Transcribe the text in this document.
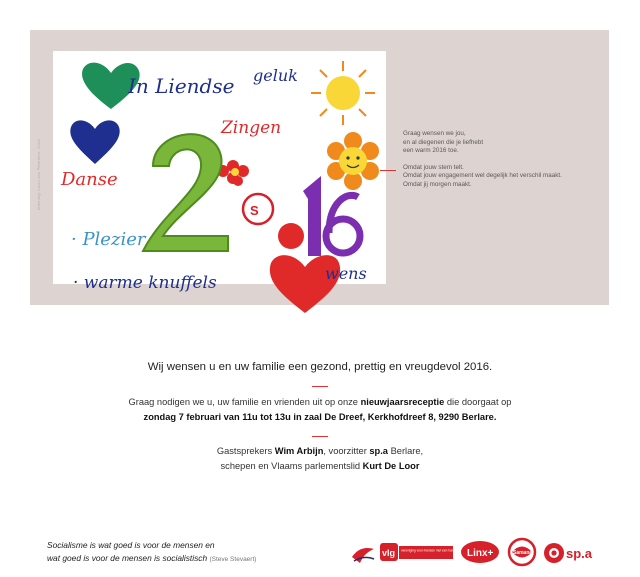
S
In Liendse geluk
Zingen
Danse
· Plezier
· warme knuffels	wens
tekening: Lucia van Pieterken, Vorst

Graag wensen we jou,

en al diegenen die je liefhebt

een warm 2016 toe.

Omdat jouw stem telt.

Omdat jouw engagement wel degelijk het verschil maakt.

Omdat jij morgen maakt.

Wij wensen u en uw familie een gezond, prettig en vreugdevol 2016.
Graag nodigen we u, uw familie en vrienden uit op onze nieuwjaarsreceptie die doorgaat op
zondag 7 februari van 11u tot 13u in zaal De Dreef, Kerkhofdreef 8, 9290 Berlare.
Gastsprekers Wim Arbijn, voorzitter sp.a Berlare,
schepen en Vlaams parlementslid Kurt De Loor
Socialisme is wat goed is voor de mensen en
wat goed is voor de mensen is socialistisch (Steve Stevaert)
vlg vereniging voor mensen met een handicap Linx+	Samana	sp.a
